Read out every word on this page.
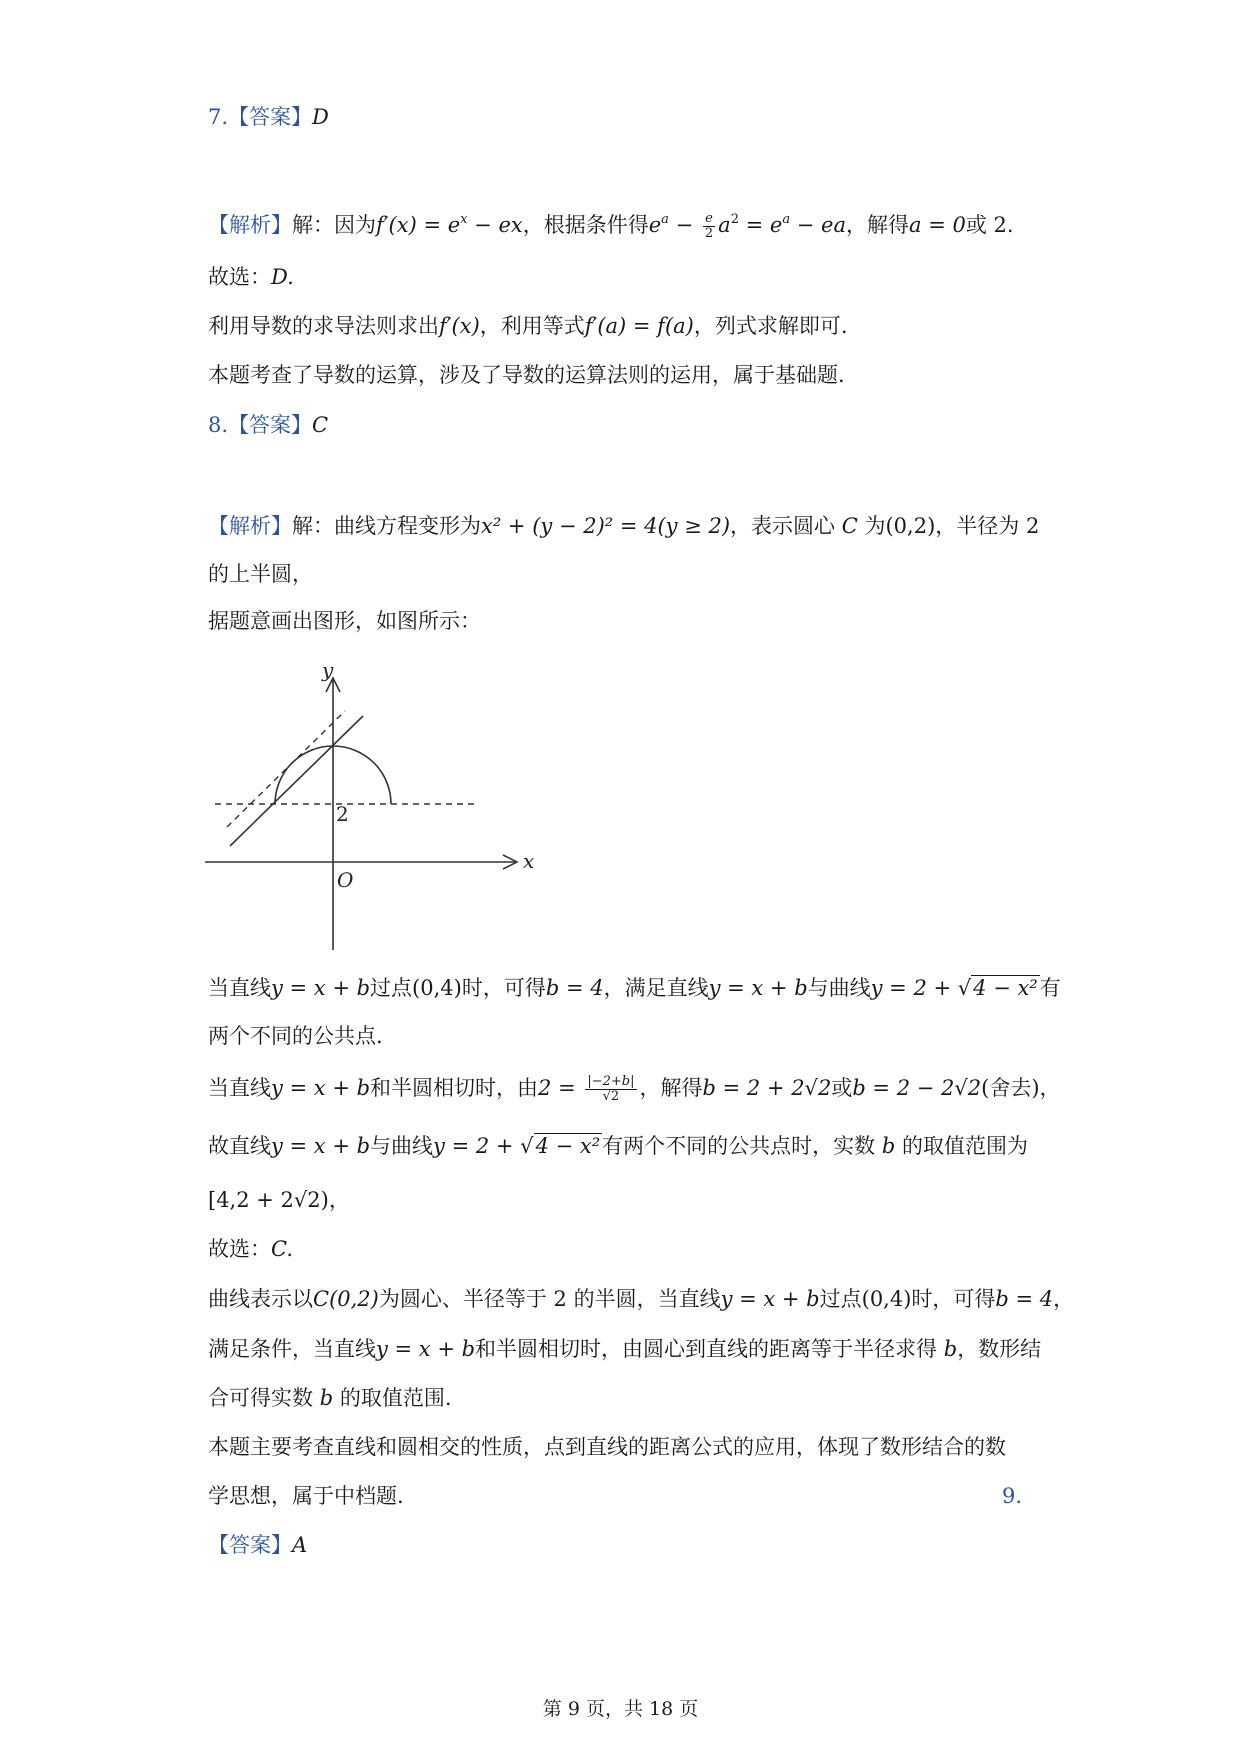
7.【答案】D
【解析】解：因为$f'(x) = e^x$ − ex，根据条件得$e^a - \frac{e}{2} a^2 = e^a$ − ea，解得a = 0或 2.
故选：D.
利用导数的求导法则求出f′(x)，利用等式f′(a) = f(a)，列式求解即可.
本题考查了导数的运算，涉及了导数的运算法则的运用，属于基础题.
8.【答案】C
【解析】解：曲线方程变形为x² + (y − 2)² = 4(y ≥ 2)，表示圆心 C 为(0,2)，半径为 2
的上半圆，
据题意画出图形，如图所示：
y
x
O
2
当直线y = x + b过点(0,4)时，可得b = 4，满足直线y = x + b与曲线y = 2 + √4 − x²有
两个不同的公共点.
当直线y = x + b和半圆相切时，由$2 = \frac{|-2+b|}{√2}$ ，解得b = 2 + 2√2或b = 2 − 2√2(舍去)，
故直线y = x + b与曲线y = 2 + √4 − x²有两个不同的公共点时，实数 b 的取值范围为
[4,2 + 2√2)，
故选：C.
曲线表示以C(0,2)为圆心、半径等于 2 的半圆，当直线y = x + b过点(0,4)时，可得b = 4，
满足条件，当直线y = x + b和半圆相切时，由圆心到直线的距离等于半径求得 b，数形结
合可得实数 b 的取值范围.
本题主要考查直线和圆相交的性质，点到直线的距离公式的应用，体现了数形结合的数
学思想，属于中档题.	9.
【答案】A
第 9 页，共 18 页
